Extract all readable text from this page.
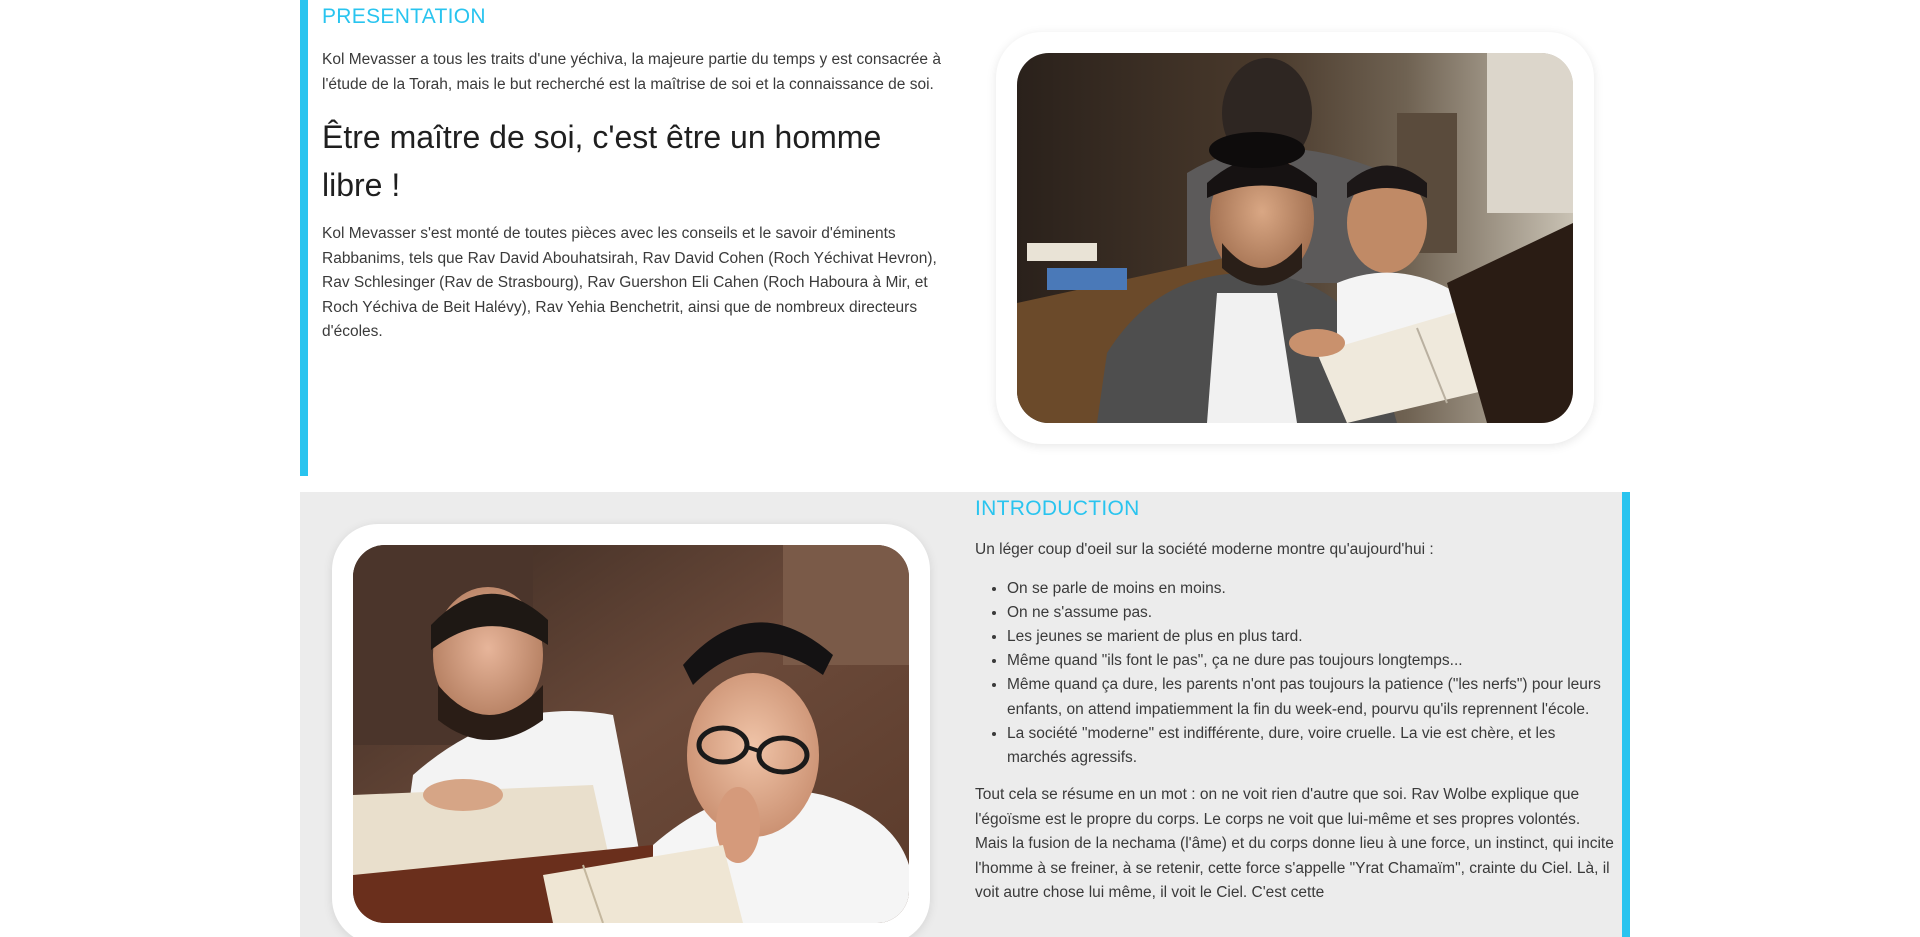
PRESENTATION

Kol Mevasser a tous les traits d'une yéchiva, la majeure partie du temps y est consacrée à l'étude de la Torah, mais le but recherché est la maîtrise de soi et la connaissance de soi.

Être maître de soi, c'est être un homme libre !

Kol Mevasser s'est monté de toutes pièces avec les conseils et le savoir d'éminents Rabbanims, tels que Rav David Abouhatsirah, Rav David Cohen (Roch Yéchivat Hevron), Rav Schlesinger (Rav de Strasbourg), Rav Guershon Eli Cahen (Roch Haboura à Mir, et Roch Yéchiva de Beit Halévy), Rav Yehia Benchetrit, ainsi que de nombreux directeurs d'écoles.

INTRODUCTION

Un léger coup d'oeil sur la société moderne montre qu'aujourd'hui :

• On se parle de moins en moins.
• On ne s'assume pas.
• Les jeunes se marient de plus en plus tard.
• Même quand "ils font le pas", ça ne dure pas toujours longtemps...
• Même quand ça dure, les parents n'ont pas toujours la patience ("les nerfs") pour leurs enfants, on attend impatiemment la fin du week-end, pourvu qu'ils reprennent l'école.
• La société "moderne" est indifférente, dure, voire cruelle. La vie est chère, et les marchés agressifs.

Tout cela se résume en un mot : on ne voit rien d'autre que soi. Rav Wolbe explique que l'égoïsme est le propre du corps. Le corps ne voit que lui-même et ses propres volontés. Mais la fusion de la nechama (l'âme) et du corps donne lieu à une force, un instinct, qui incite l'homme à se freiner, à se retenir, cette force s'appelle "Yrat Chamaïm", crainte du Ciel. Là, il voit autre chose lui même, il voit le Ciel. C'est cette
